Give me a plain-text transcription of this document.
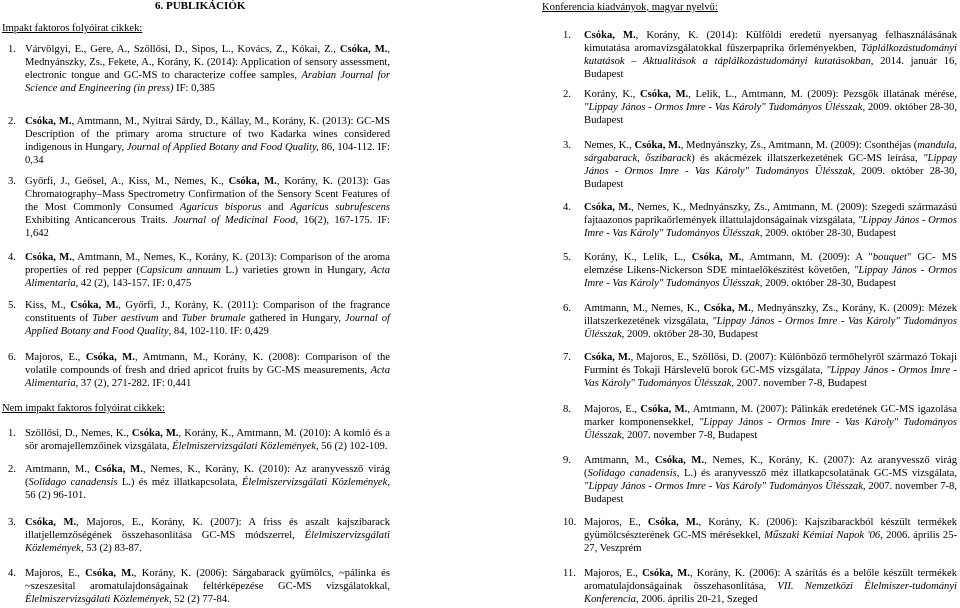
6. PUBLIKÁCIÓK
Impakt faktoros folyóirat cikkek:
Nem impakt faktoros folyóirat cikkek:
Konferencia kiadványok, magyar nyelvű:
1. Várvölgyi, E., Gere, A., Szöllősi, D., Sipos, L., Kovács, Z., Kókai, Z., Csóka, M., Mednyánszky, Zs., Fekete, A., Korány, K. (2014): Application of sensory assessment, electronic tongue and GC-MS to characterize coffee samples, Arabian Journal for Science and Engineering (in press) IF: 0,385
2. Csóka, M., Amtmann, M., Nyitrai Sárdy, D., Kállay, M., Korány, K. (2013): GC-MS Description of the primary aroma structure of two Kadarka wines considered indigenous in Hungary, Journal of Applied Botany and Food Quality, 86, 104-112. IF: 0,34
3. Győrfi, J., Geösel, A., Kiss, M., Nemes, K., Csóka, M., Korány, K. (2013): Gas Chromatography–Mass Spectrometry Confirmation of the Sensory Scent Features of the Most Commonly Consumed Agaricus bisporus and Agaricus subrufescens Exhibiting Anticancerous Traits. Journal of Medicinal Food, 16(2), 167-175. IF: 1,642
4. Csóka, M., Amtmann, M., Nemes, K., Korány, K. (2013): Comparison of the aroma properties of red pepper (Capsicum annuum L.) varieties grown in Hungary, Acta Alimentaria, 42 (2), 143-157. IF: 0,475
5. Kiss, M., Csóka, M., Győrfi, J., Korány, K. (2011): Comparison of the fragrance constituents of Tuber aestivum and Tuber brumale gathered in Hungary, Journal of Applied Botany and Food Quality, 84, 102-110. IF: 0,429
6. Majoros, E., Csóka, M., Amtmann, M., Korány, K. (2008): Comparison of the volatile compounds of fresh and dried apricot fruits by GC-MS measurements, Acta Alimentaria, 37 (2), 271-282. IF: 0,441
1. Szöllősi, D., Nemes, K., Csóka, M., Korány, K., Amtmann, M. (2010): A komló és a sör aromajellemzőinek vizsgálata, Élelmiszervizsgálati Közlemények, 56 (2) 102-109.
2. Amtmann, M., Csóka, M., Nemes, K., Korány, K. (2010): Az aranyvessző virág (Solidago canadensis L.) és méz illatkapcsolata, Élelmiszervizsgálati Közlemények, 56 (2) 96-101.
3. Csóka, M., Majoros, E., Korány, K. (2007): A friss és aszalt kajszibarack illatjellemzőségének összehasonlítása GC-MS módszerrel, Élelmiszervizsgálati Közlemények, 53 (2) 83-87.
4. Majoros, E., Csóka, M., Korány, K. (2006): Sárgabarack gyümölcs, ~pálinka és ~szeszesital aromatulajdonságainak feltérképezése GC-MS vizsgálatokkal, Élelmiszervizsgálati Közlemények, 52 (2) 77-84.
1. Csóka, M., Korány, K. (2014): Külföldi eredetű nyersanyag felhasználásának kimutatása aromavizsgálatokkal fűszerpaprika őrleményekben, Táplálkozástudományi kutatások – Aktualitások a táplálkozástudományi kutatásokban, 2014. január 16, Budapest
2. Korány, K., Csóka, M., Lelik, L., Amtmann, M. (2009): Pezsgők illatának mérése, "Lippay János - Ormos Imre - Vas Károly" Tudományos Ülésszak, 2009. október 28-30, Budapest
3. Nemes, K., Csóka, M., Mednyánszky, Zs., Amtmann, M. (2009): Csonthéjas (mandula, sárgabarack, őszibarack) és akácmézek illatszerkezetének GC-MS leírása, "Lippay János - Ormos Imre - Vas Károly" Tudományos Ülésszak, 2009. október 28-30, Budapest
4. Csóka, M., Nemes, K., Mednyánszky, Zs., Amtmann, M. (2009): Szegedi származású fajtaazonos paprikaőrlemények illattulajdonságainak vizsgálata, "Lippay János - Ormos Imre - Vas Károly" Tudományos Ülésszak, 2009. október 28-30, Budapest
5. Korány, K., Lelik, L., Csóka, M., Amtmann, M. (2009): A "bouquet" GC- MS elemzése Likens-Nickerson SDE mintaelőkészítést követően, "Lippay János - Ormos Imre - Vas Károly" Tudományos Ülésszak, 2009. október 28-30, Budapest
6. Amtmann, M., Nemes, K., Csóka, M., Mednyánszky, Zs., Korány, K. (2009): Mézek illatszerkezetének vizsgálata, "Lippay János - Ormos Imre - Vas Károly" Tudományos Ülésszak, 2009. október 28-30, Budapest
7. Csóka, M., Majoros, E., Szöllősi, D. (2007): Különböző termőhelyről származó Tokaji Furmint és Tokaji Hárslevelű borok GC-MS vizsgálata, "Lippay János - Ormos Imre - Vas Károly" Tudományos Ülésszak, 2007. november 7-8, Budapest
8. Majoros, E., Csóka, M., Amtmann, M. (2007): Pálinkák eredetének GC-MS igazolása marker komponensekkel, "Lippay János - Ormos Imre - Vas Károly" Tudományos Ülésszak, 2007. november 7-8, Budapest
9. Amtmann, M., Csóka, M., Nemes, K., Korány, K. (2007): Az aranyvessző virág (Solidago canadensis, L.) és aranyvessző méz illatkapcsolatának GC-MS vizsgálata, "Lippay János - Ormos Imre - Vas Károly" Tudományos Ülésszak, 2007. november 7-8, Budapest
10. Majoros, E., Csóka, M., Korány, K. (2006): Kajszibarackból készült termékek gyümölcsészterének GC-MS mérésekkel, Műszaki Kémiai Napok '06, 2006. április 25-27, Veszprém
11. Majoros, E., Csóka, M., Korány, K. (2006): A szárítás és a belőle készült termékek aromatulajdonságainak összehasonlítása, VII. Nemzetközi Élelmiszer-tudományi Konferencia, 2006. április 20-21, Szeged
